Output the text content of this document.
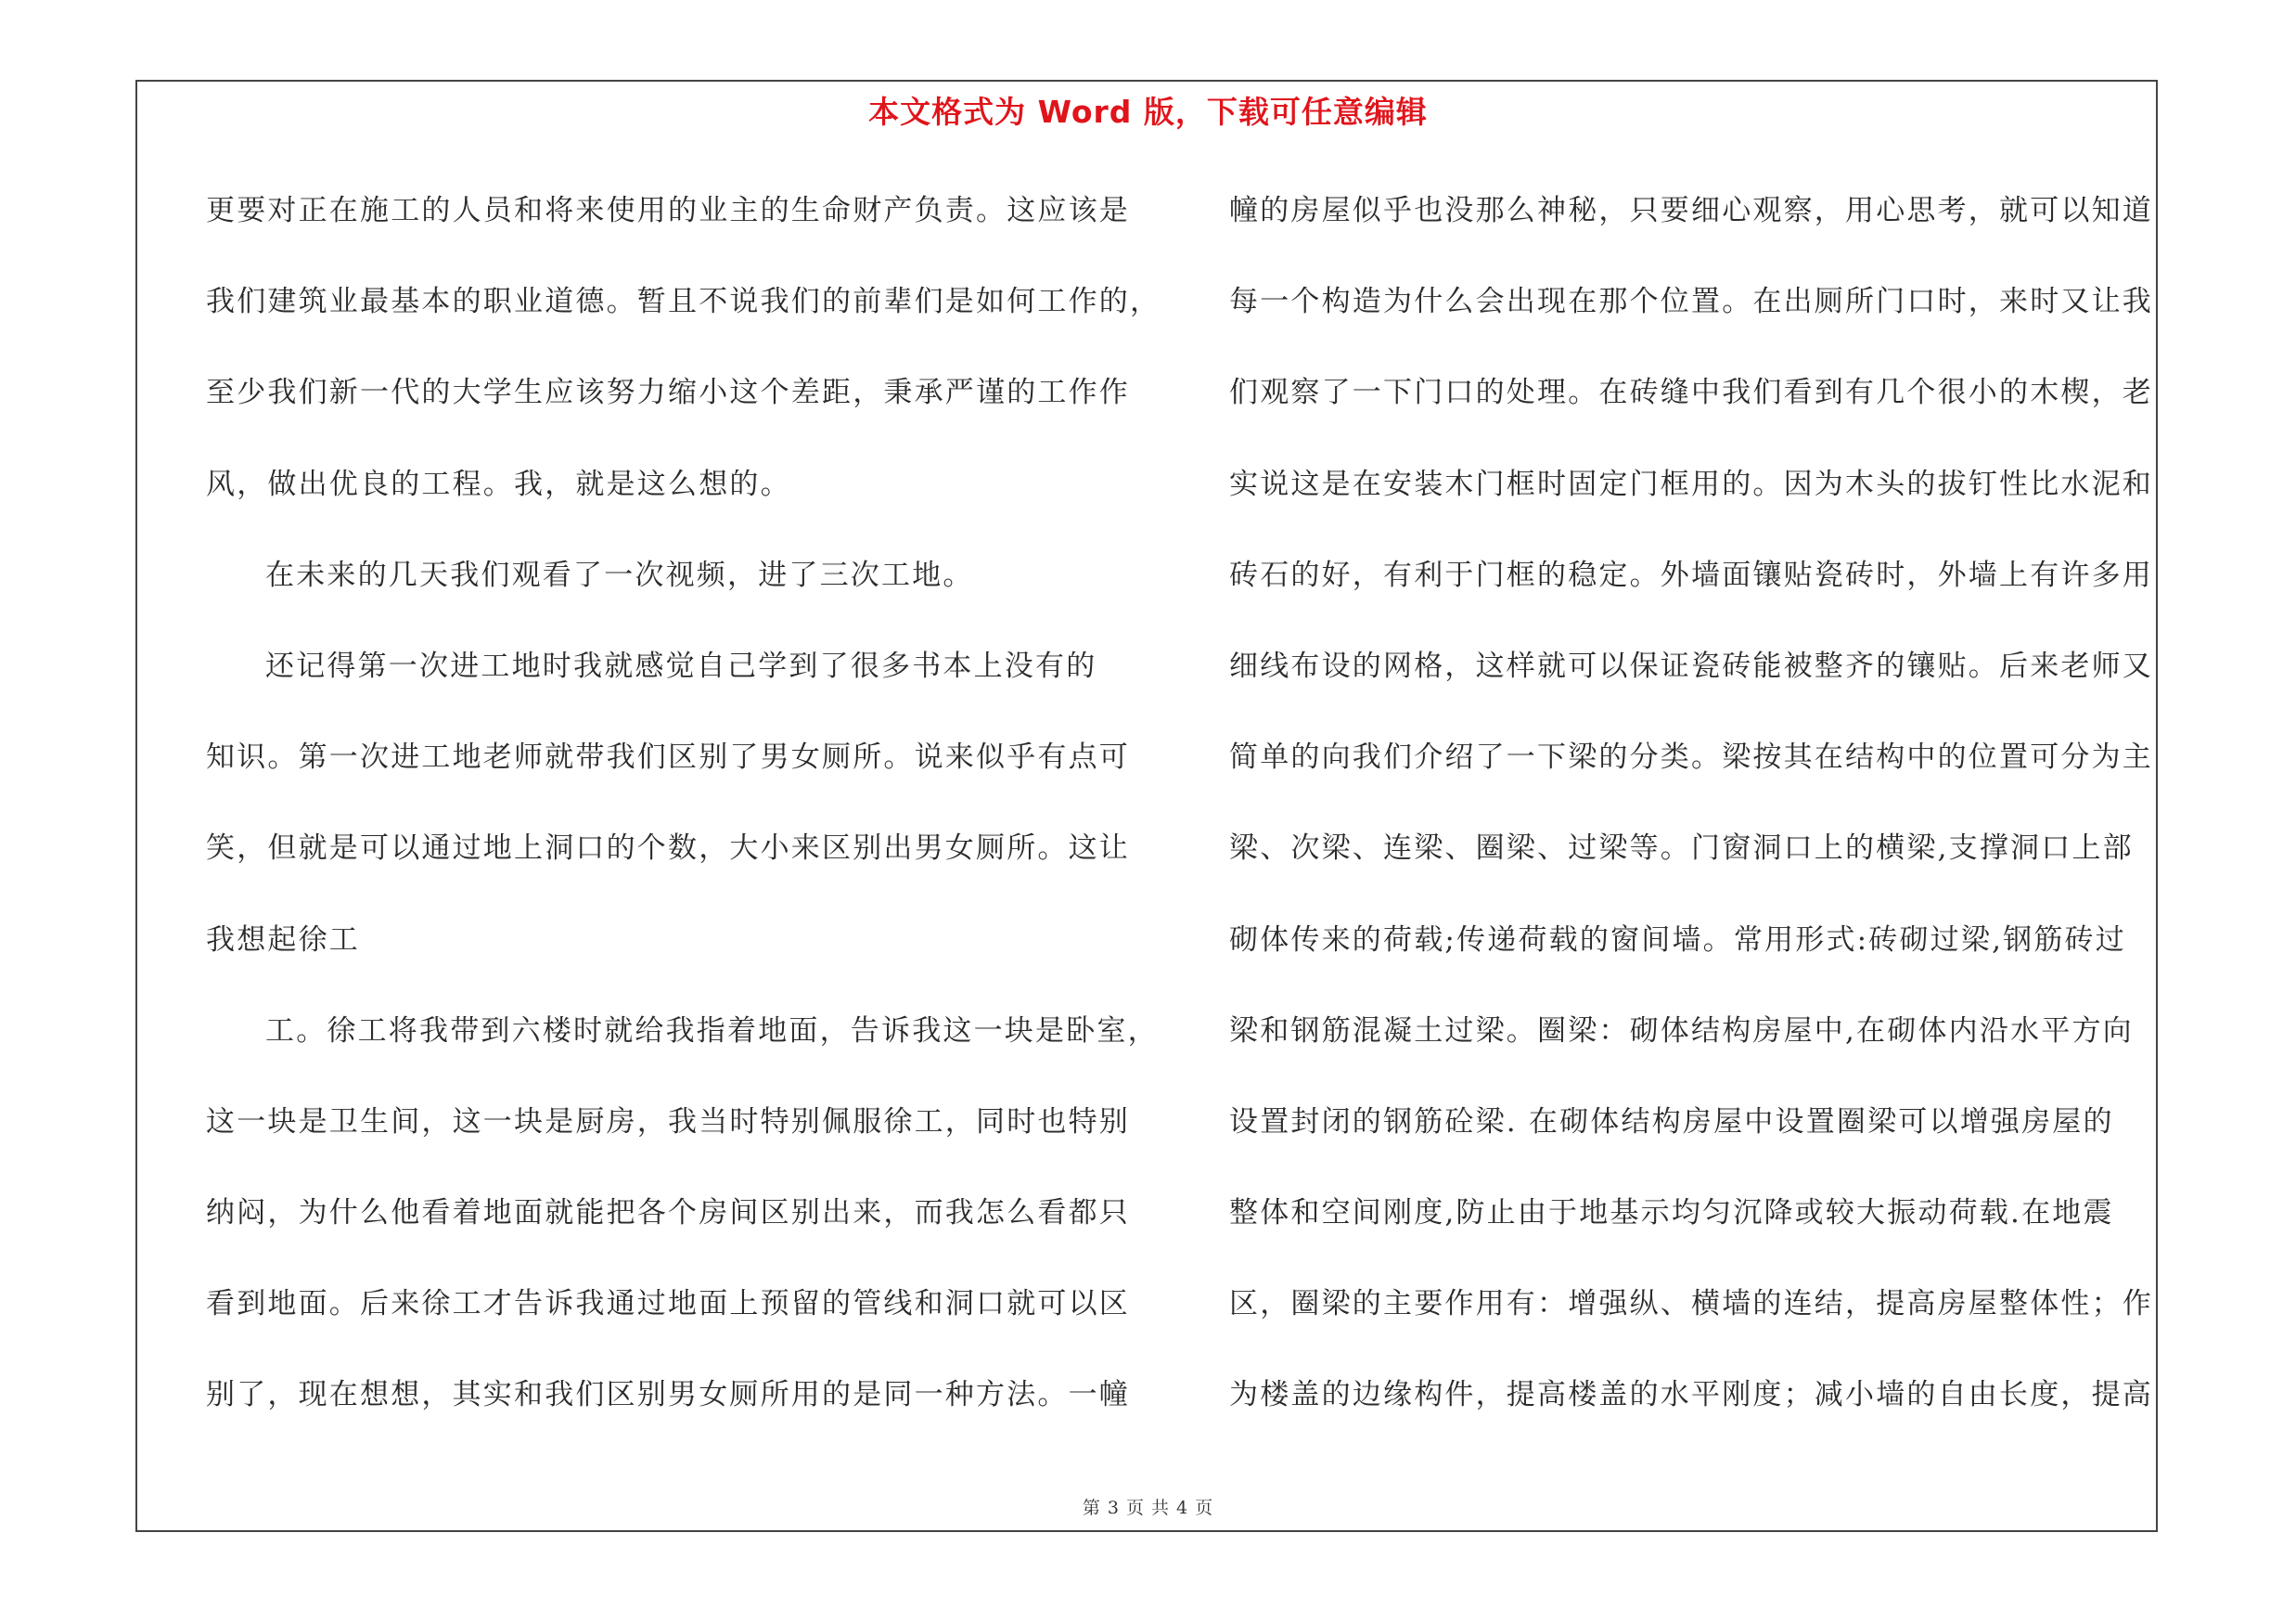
本文格式为 Word 版，下载可任意编辑
更要对正在施工的人员和将来使用的业主的生命财产负责。这应该是
我们建筑业最基本的职业道德。暂且不说我们的前辈们是如何工作的，
至少我们新一代的大学生应该努力缩小这个差距，秉承严谨的工作作
风，做出优良的工程。我，就是这么想的。
在未来的几天我们观看了一次视频，进了三次工地。
还记得第一次进工地时我就感觉自己学到了很多书本上没有的
知识。第一次进工地老师就带我们区别了男女厕所。说来似乎有点可
笑，但就是可以通过地上洞口的个数，大小来区别出男女厕所。这让
我想起徐工
工。徐工将我带到六楼时就给我指着地面，告诉我这一块是卧室，
这一块是卫生间，这一块是厨房，我当时特别佩服徐工，同时也特别
纳闷，为什么他看着地面就能把各个房间区别出来，而我怎么看都只
看到地面。后来徐工才告诉我通过地面上预留的管线和洞口就可以区
别了，现在想想，其实和我们区别男女厕所用的是同一种方法。一幢
幢的房屋似乎也没那么神秘，只要细心观察，用心思考，就可以知道
每一个构造为什么会出现在那个位置。在出厕所门口时，来时又让我
们观察了一下门口的处理。在砖缝中我们看到有几个很小的木楔，老
实说这是在安装木门框时固定门框用的。因为木头的拔钉性比水泥和
砖石的好，有利于门框的稳定。外墙面镶贴瓷砖时，外墙上有许多用
细线布设的网格，这样就可以保证瓷砖能被整齐的镶贴。后来老师又
简单的向我们介绍了一下梁的分类。梁按其在结构中的位置可分为主
梁、次梁、连梁、圈梁、过梁等。门窗洞口上的横梁,支撑洞口上部
砌体传来的荷载;传递荷载的窗间墙。常用形式:砖砌过梁,钢筋砖过
梁和钢筋混凝土过梁。圈梁：砌体结构房屋中,在砌体内沿水平方向
设置封闭的钢筋砼梁. 在砌体结构房屋中设置圈梁可以增强房屋的
整体和空间刚度,防止由于地基示均匀沉降或较大振动荷载.在地震
区，圈梁的主要作用有：增强纵、横墙的连结，提高房屋整体性；作
为楼盖的边缘构件，提高楼盖的水平刚度；减小墙的自由长度，提高
第 3 页 共 4 页
